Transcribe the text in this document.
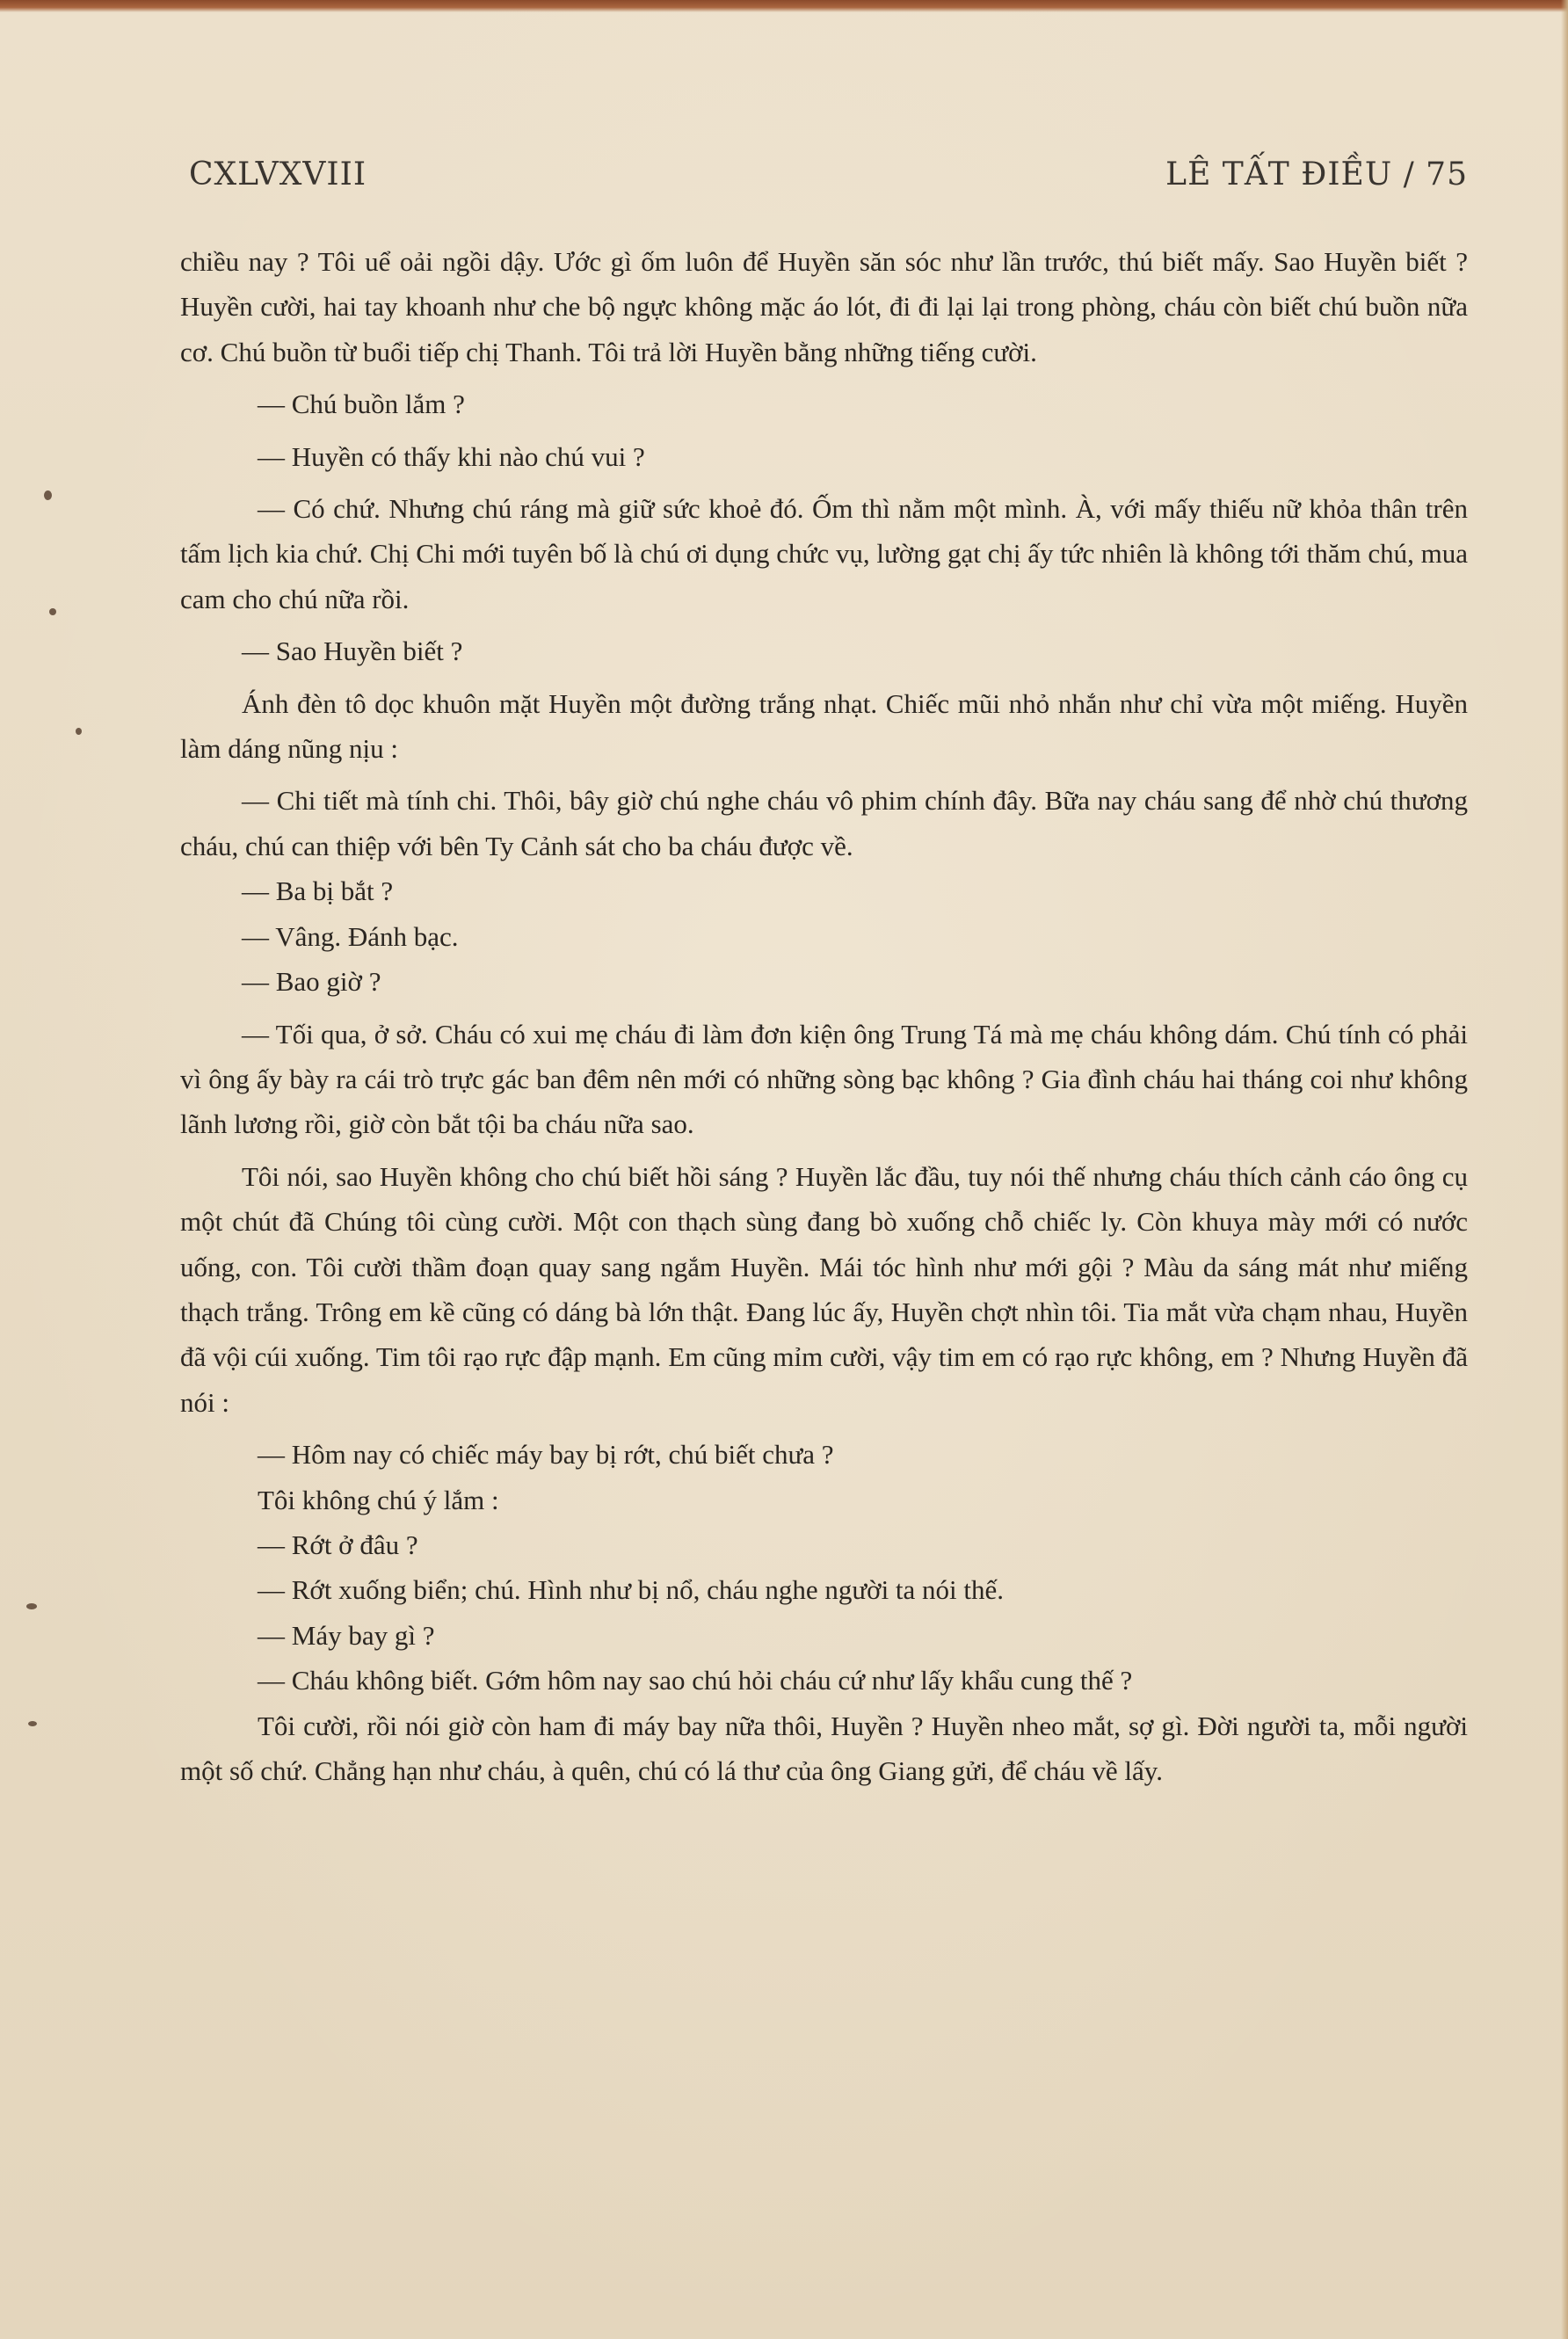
CXLVXVIII	LÊ TẤT ĐIỀU / 75

chiều nay ? Tôi uể oải ngồi dậy. Ước gì ốm luôn để Huyền săn sóc như lần trước, thú biết mấy. Sao Huyền biết ? Huyền cười, hai tay khoanh như che bộ ngực không mặc áo lót, đi đi lại lại trong phòng, cháu còn biết chú buồn nữa cơ. Chú buồn từ buổi tiếp chị Thanh. Tôi trả lời Huyền bằng những tiếng cười.

— Chú buồn lắm ?

— Huyền có thấy khi nào chú vui ?

— Có chứ. Nhưng chú ráng mà giữ sức khoẻ đó. Ốm thì nằm một mình. À, với mấy thiếu nữ khỏa thân trên tấm lịch kia chứ. Chị Chi mới tuyên bố là chú ơi dụng chức vụ, lường gạt chị ấy tức nhiên là không tới thăm chú, mua cam cho chú nữa rồi.

— Sao Huyền biết ?

Ánh đèn tô dọc khuôn mặt Huyền một đường trắng nhạt. Chiếc mũi nhỏ nhắn như chỉ vừa một miếng. Huyền làm dáng nũng nịu :

— Chi tiết mà tính chi. Thôi, bây giờ chú nghe cháu vô phim chính đây. Bữa nay cháu sang để nhờ chú thương cháu, chú can thiệp với bên Ty Cảnh sát cho ba cháu được về.

— Ba bị bắt ?

— Vâng. Đánh bạc.

— Bao giờ ?

— Tối qua, ở sở. Cháu có xui mẹ cháu đi làm đơn kiện ông Trung Tá mà mẹ cháu không dám. Chú tính có phải vì ông ấy bày ra cái trò trực gác ban đêm nên mới có những sòng bạc không ? Gia đình cháu hai tháng coi như không lãnh lương rồi, giờ còn bắt tội ba cháu nữa sao.

Tôi nói, sao Huyền không cho chú biết hồi sáng ? Huyền lắc đầu, tuy nói thế nhưng cháu thích cảnh cáo ông cụ một chút đã Chúng tôi cùng cười. Một con thạch sùng đang bò xuống chỗ chiếc ly. Còn khuya mày mới có nước uống, con. Tôi cười thầm đoạn quay sang ngắm Huyền. Mái tóc hình như mới gội ? Màu da sáng mát như miếng thạch trắng. Trông em kề cũng có dáng bà lớn thật. Đang lúc ấy, Huyền chợt nhìn tôi. Tia mắt vừa chạm nhau, Huyền đã vội cúi xuống. Tim tôi rạo rực đập mạnh. Em cũng mỉm cười, vậy tim em có rạo rực không, em ? Nhưng Huyền đã nói :

— Hôm nay có chiếc máy bay bị rớt, chú biết chưa ?

Tôi không chú ý lắm :

— Rớt ở đâu ?

— Rớt xuống biển; chú. Hình như bị nổ, cháu nghe người ta nói thế.

— Máy bay gì ?

— Cháu không biết. Gớm hôm nay sao chú hỏi cháu cứ như lấy khẩu cung thế ?

Tôi cười, rồi nói giờ còn ham đi máy bay nữa thôi, Huyền ? Huyền nheo mắt, sợ gì. Đời người ta, mỗi người một số chứ. Chẳng hạn như cháu, à quên, chú có lá thư của ông Giang gửi, để cháu về lấy.
